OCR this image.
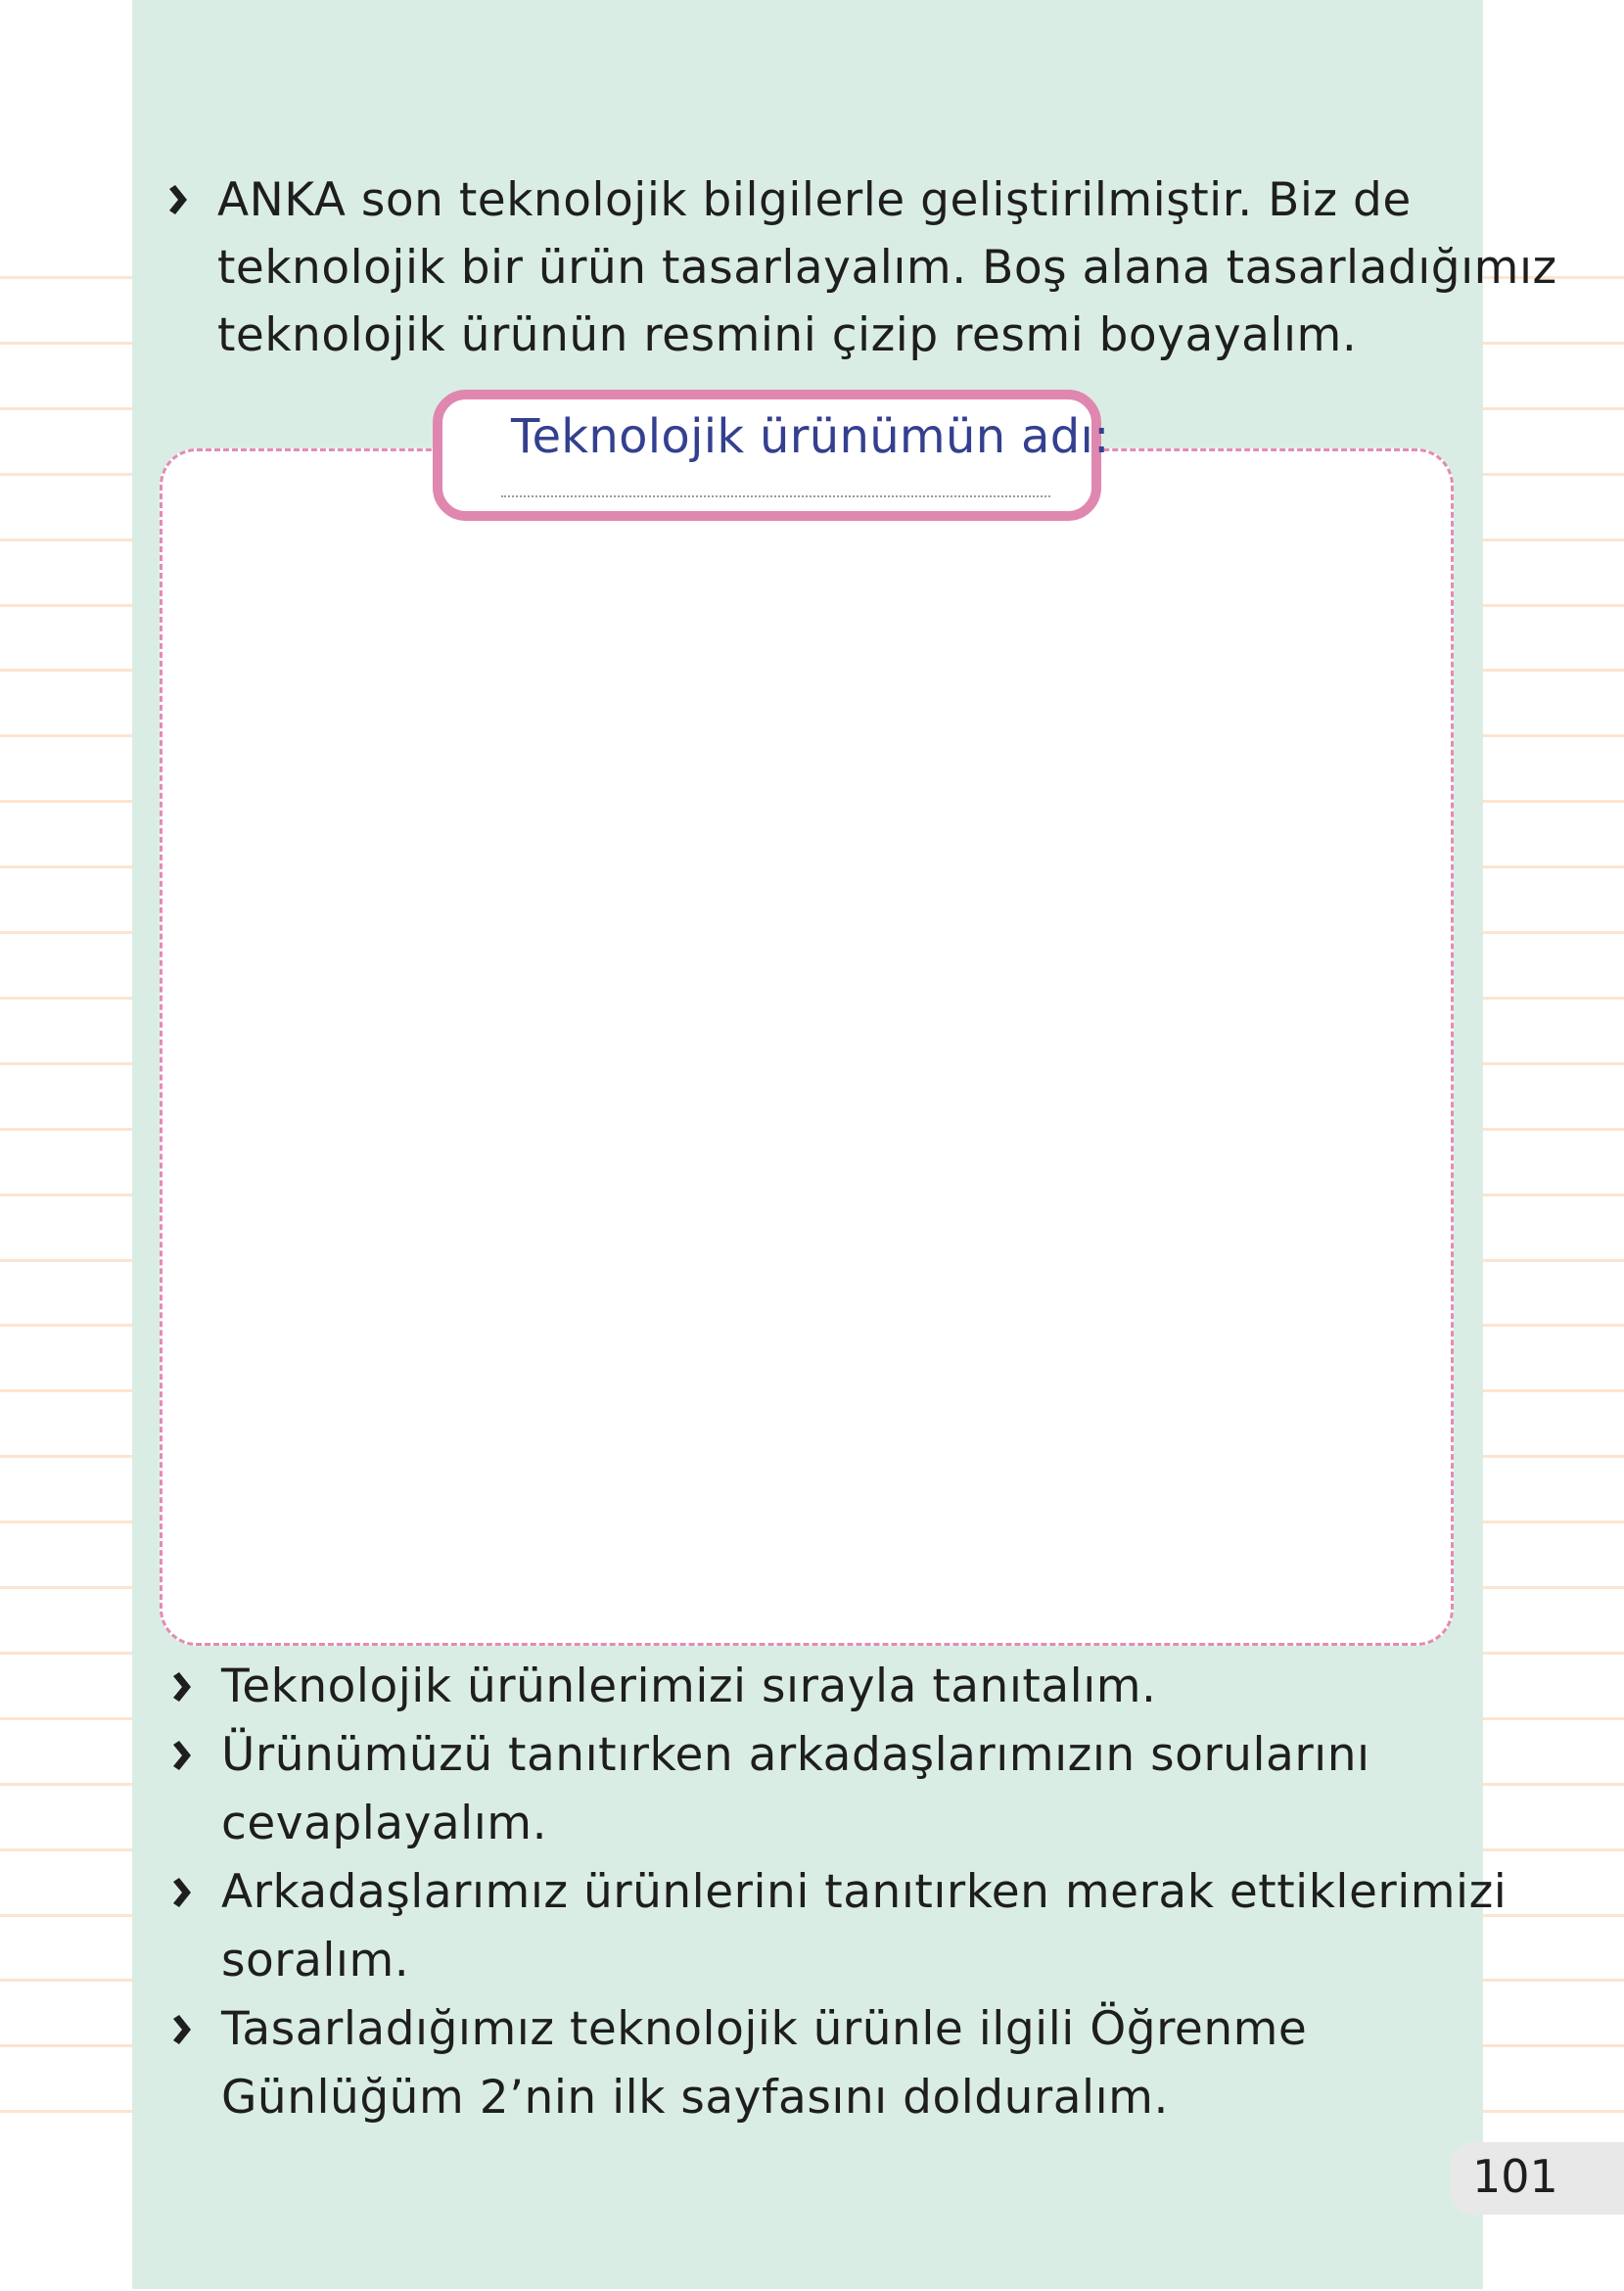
ANKA son teknolojik bilgilerle geliştirilmiştir. Biz de
teknolojik bir ürün tasarlayalım. Boş alana tasarladığımız
teknolojik ürünün resmini çizip resmi boyayalım.
Teknolojik ürünümün adı:
Teknolojik ürünlerimizi sırayla tanıtalım.
Ürünümüzü tanıtırken arkadaşlarımızın sorularını
cevaplayalım.
Arkadaşlarımız ürünlerini tanıtırken merak ettiklerimizi
soralım.
Tasarladığımız teknolojik ürünle ilgili Öğrenme
Günlüğüm 2’nin ilk sayfasını dolduralım.
101
